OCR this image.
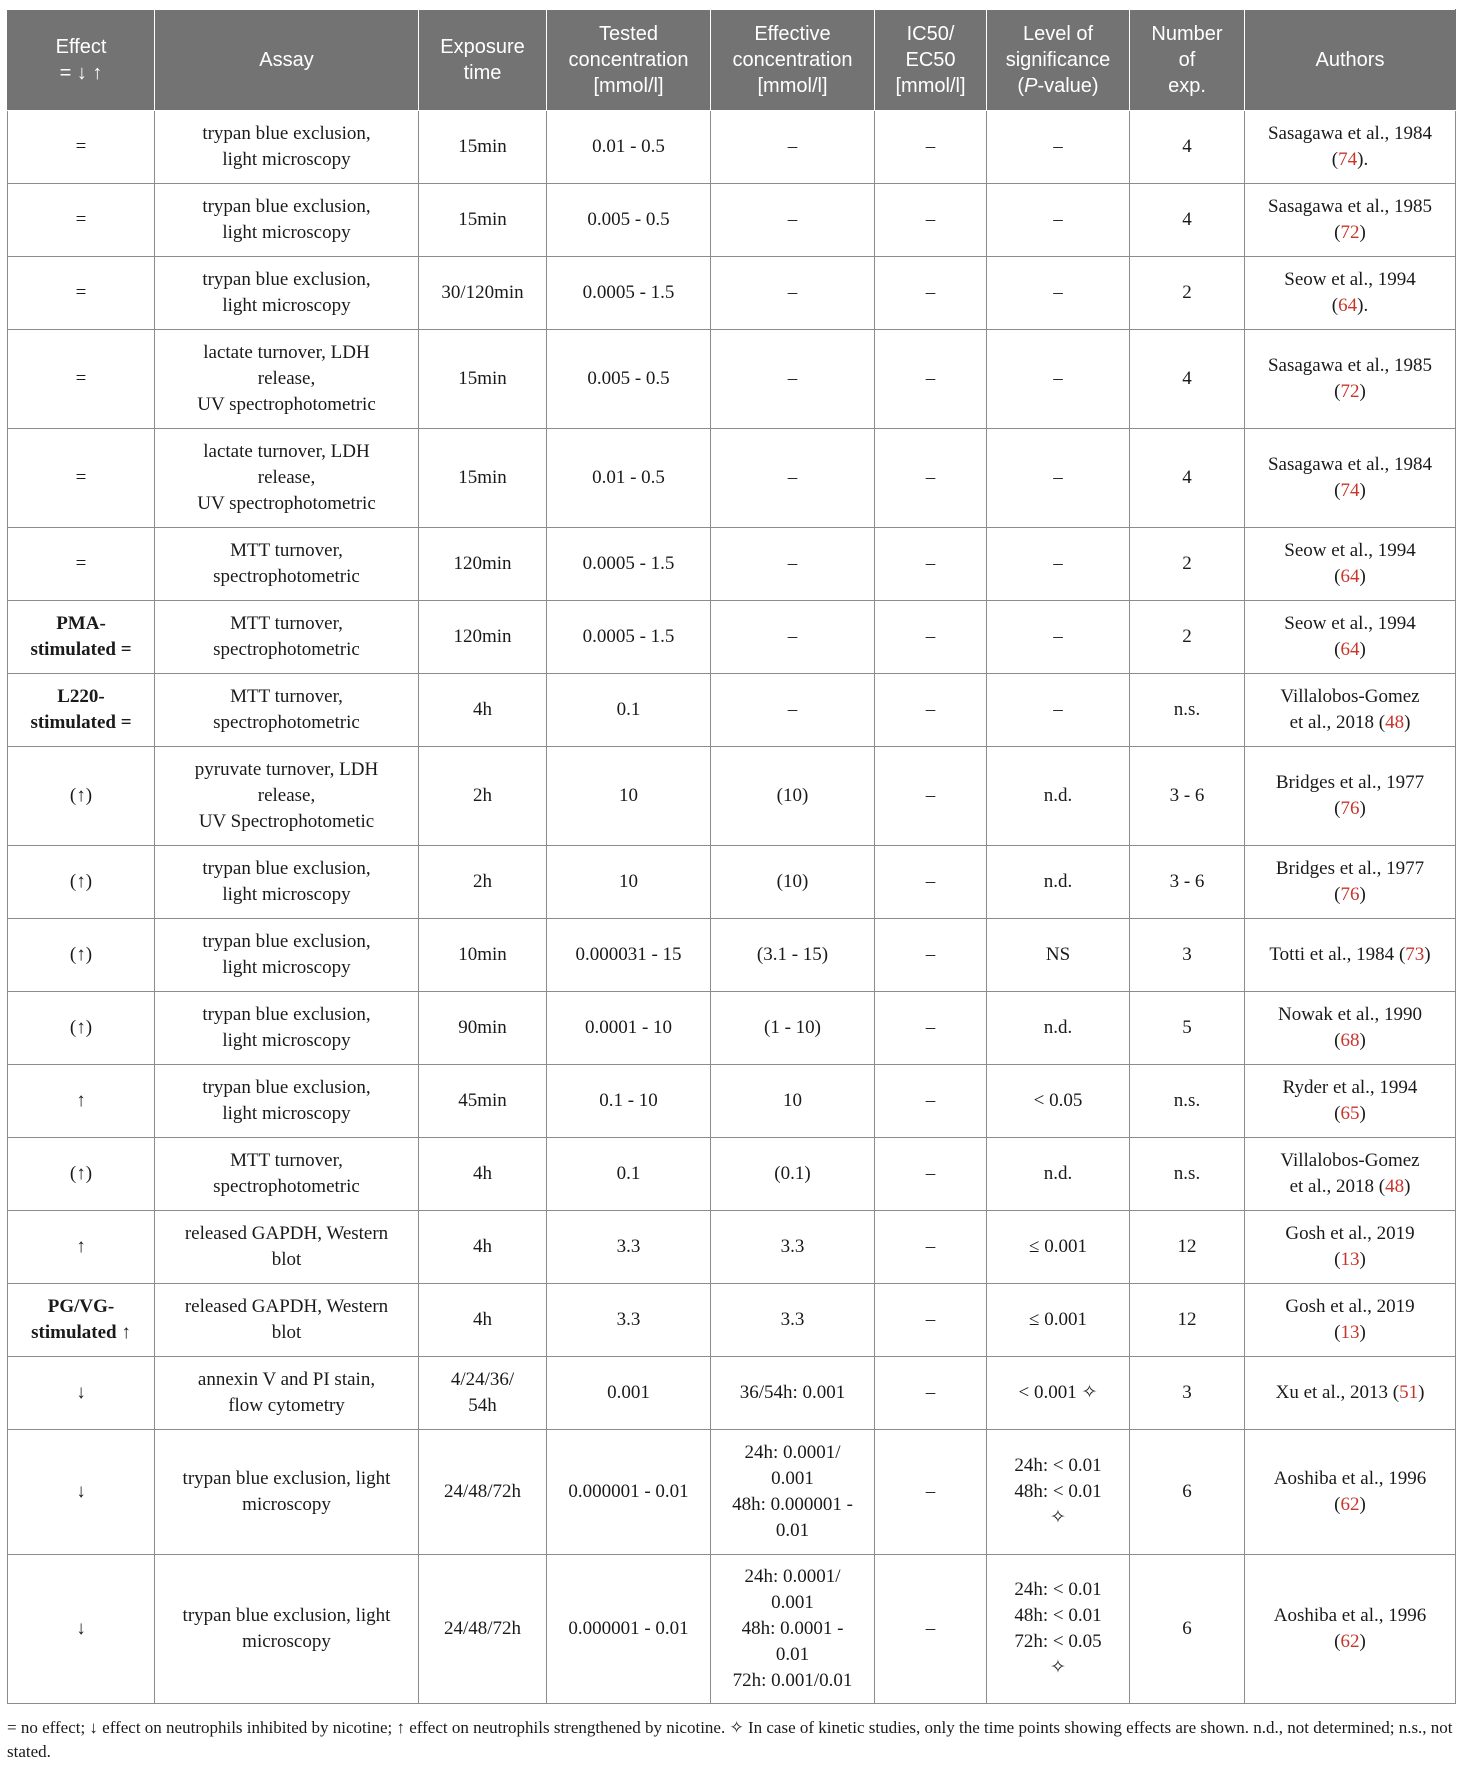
Effect
= ↓ ↑	Assay	Exposure
time	Tested
concentration
[mmol/l]	Effective
concentration
[mmol/l]	IC50/
EC50
[mmol/l]	Level of
significance
(P-value)	Number
of
exp.	Authors
=	trypan blue exclusion,
light microscopy	15min	0.01 - 0.5	–	–	–	4	Sasagawa et al., 1984
(74).
=	trypan blue exclusion,
light microscopy	15min	0.005 - 0.5	–	–	–	4	Sasagawa et al., 1985
(72)
=	trypan blue exclusion,
light microscopy	30/120min	0.0005 - 1.5	–	–	–	2	Seow et al., 1994
(64).
=	lactate turnover, LDH
release,
UV spectrophotometric	15min	0.005 - 0.5	–	–	–	4	Sasagawa et al., 1985
(72)
=	lactate turnover, LDH
release,
UV spectrophotometric	15min	0.01 - 0.5	–	–	–	4	Sasagawa et al., 1984
(74)
=	MTT turnover,
spectrophotometric	120min	0.0005 - 1.5	–	–	–	2	Seow et al., 1994
(64)
PMA-
stimulated =	MTT turnover,
spectrophotometric	120min	0.0005 - 1.5	–	–	–	2	Seow et al., 1994
(64)
L220-
stimulated =	MTT turnover,
spectrophotometric	4h	0.1	–	–	–	n.s.	Villalobos-Gomez
et al., 2018 (48)
(↑)	pyruvate turnover, LDH
release,
UV Spectrophotometic	2h	10	(10)	–	n.d.	3 - 6	Bridges et al., 1977
(76)
(↑)	trypan blue exclusion,
light microscopy	2h	10	(10)	–	n.d.	3 - 6	Bridges et al., 1977
(76)
(↑)	trypan blue exclusion,
light microscopy	10min	0.000031 - 15	(3.1 - 15)	–	NS	3	Totti et al., 1984 (73)
(↑)	trypan blue exclusion,
light microscopy	90min	0.0001 - 10	(1 - 10)	–	n.d.	5	Nowak et al., 1990
(68)
↑	trypan blue exclusion,
light microscopy	45min	0.1 - 10	10	–	< 0.05	n.s.	Ryder et al., 1994
(65)
(↑)	MTT turnover,
spectrophotometric	4h	0.1	(0.1)	–	n.d.	n.s.	Villalobos-Gomez
et al., 2018 (48)
↑	released GAPDH, Western
blot	4h	3.3	3.3	–	≤ 0.001	12	Gosh et al., 2019
(13)
PG/VG-
stimulated ↑	released GAPDH, Western
blot	4h	3.3	3.3	–	≤ 0.001	12	Gosh et al., 2019
(13)
↓	annexin V and PI stain,
flow cytometry	4/24/36/
54h	0.001	36/54h: 0.001	–	< 0.001 ✧	3	Xu et al., 2013 (51)
↓	trypan blue exclusion, light
microscopy	24/48/72h	0.000001 - 0.01	24h: 0.0001/
0.001
48h: 0.000001 -
0.01	–	24h: < 0.01
48h: < 0.01
✧	6	Aoshiba et al., 1996
(62)
↓	trypan blue exclusion, light
microscopy	24/48/72h	0.000001 - 0.01	24h: 0.0001/
0.001
48h: 0.0001 -
0.01
72h: 0.001/0.01	–	24h: < 0.01
48h: < 0.01
72h: < 0.05
✧	6	Aoshiba et al., 1996
(62)
= no effect; ↓ effect on neutrophils inhibited by nicotine; ↑ effect on neutrophils strengthened by nicotine. ✧ In case of kinetic studies, only the time points showing effects are shown. n.d., not determined; n.s., not stated.
